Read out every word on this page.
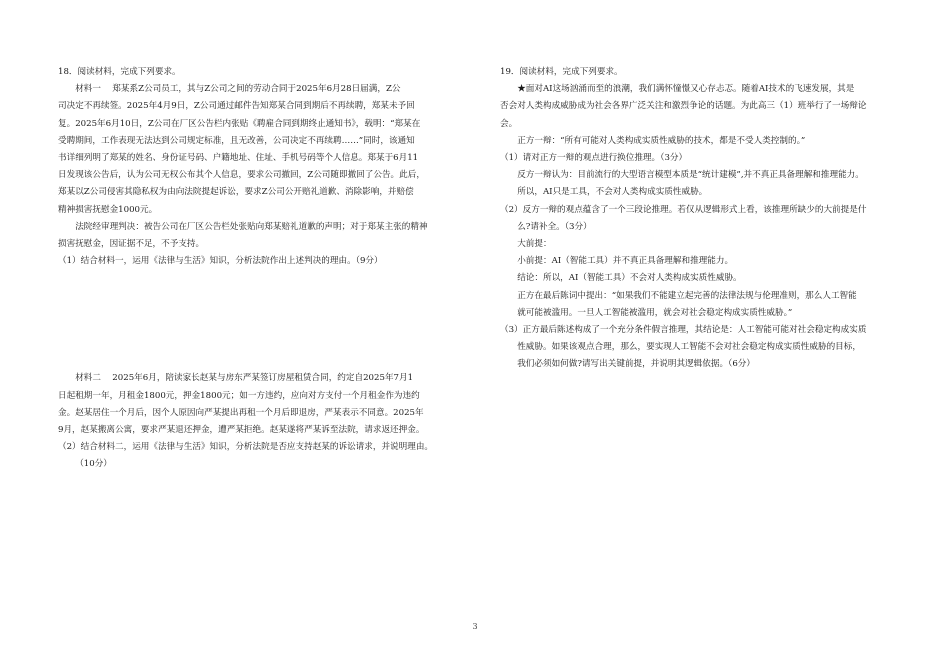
18．阅读材料，完成下列要求。

材料一　 郑某系Z公司员工，其与Z公司之间的劳动合同于2025年6月28日届满，Z公

司决定不再续签。2025年4月9日，Z公司通过邮件告知郑某合同到期后不再续聘，郑某未予回

复。2025年6月10日，Z公司在厂区公告栏内张贴《聘雇合同到期终止通知书》，载明：“郑某在

受聘期间，工作表现无法达到公司规定标准，且无改善，公司决定不再续聘……”同时，该通知

书详细列明了郑某的姓名、身份证号码、户籍地址、住址、手机号码等个人信息。郑某于6月11

日发现该公告后，认为公司无权公布其个人信息，要求公司撤回，Z公司随即撤回了公告。此后，

郑某以Z公司侵害其隐私权为由向法院提起诉讼，要求Z公司公开赔礼道歉、消除影响，并赔偿

精神损害抚慰金1000元。

法院经审理判决：被告公司在厂区公告栏处张贴向郑某赔礼道歉的声明；对于郑某主张的精神

损害抚慰金，因证据不足，不予支持。

（1）结合材料一，运用《法律与生活》知识，分析法院作出上述判决的理由。（9分）

材料二　 2025年6月，陪读家长赵某与房东严某签订房屋租赁合同，约定自2025年7月1

日起租期一年，月租金1800元，押金1800元；如一方违约，应向对方支付一个月租金作为违约

金。赵某居住一个月后，因个人原因向严某提出再租一个月后即退房，严某表示不同意。2025年

9月，赵某搬离公寓，要求严某退还押金，遭严某拒绝。赵某遂将严某诉至法院，请求返还押金。

（2）结合材料二，运用《法律与生活》知识，分析法院是否应支持赵某的诉讼请求，并说明理由。

（10分）

19．阅读材料，完成下列要求。

★面对AI这场汹涌而至的浪潮，我们满怀憧憬又心存忐忑。随着AI技术的飞速发展，其是

否会对人类构成威胁成为社会各界广泛关注和激烈争论的话题。为此高三（1）班举行了一场辩论

会。

正方一辩：“所有可能对人类构成实质性威胁的技术，都是不受人类控制的。”

（1）请对正方一辩的观点进行换位推理。（3分）

反方一辩认为：目前流行的大型语言模型本质是“统计建模”,并不真正具备理解和推理能力。

所以，AI只是工具，不会对人类构成实质性威胁。

（2）反方一辩的观点蕴含了一个三段论推理。若仅从逻辑形式上看，该推理所缺少的大前提是什

么?请补全。（3分）

大前提：

小前提：AI（智能工具）并不真正具备理解和推理能力。

结论：所以，AI（智能工具）不会对人类构成实质性威胁。

正方在最后陈词中提出：“如果我们不能建立起完善的法律法规与伦理准则，那么人工智能

就可能被滥用。一旦人工智能被滥用，就会对社会稳定构成实质性威胁。”

（3）正方最后陈述构成了一个充分条件假言推理，其结论是：人工智能可能对社会稳定构成实质

性威胁。如果该观点合理，那么，要实现人工智能不会对社会稳定构成实质性威胁的目标，

我们必须如何做?请写出关键前提，并说明其逻辑依据。（6分）

3
